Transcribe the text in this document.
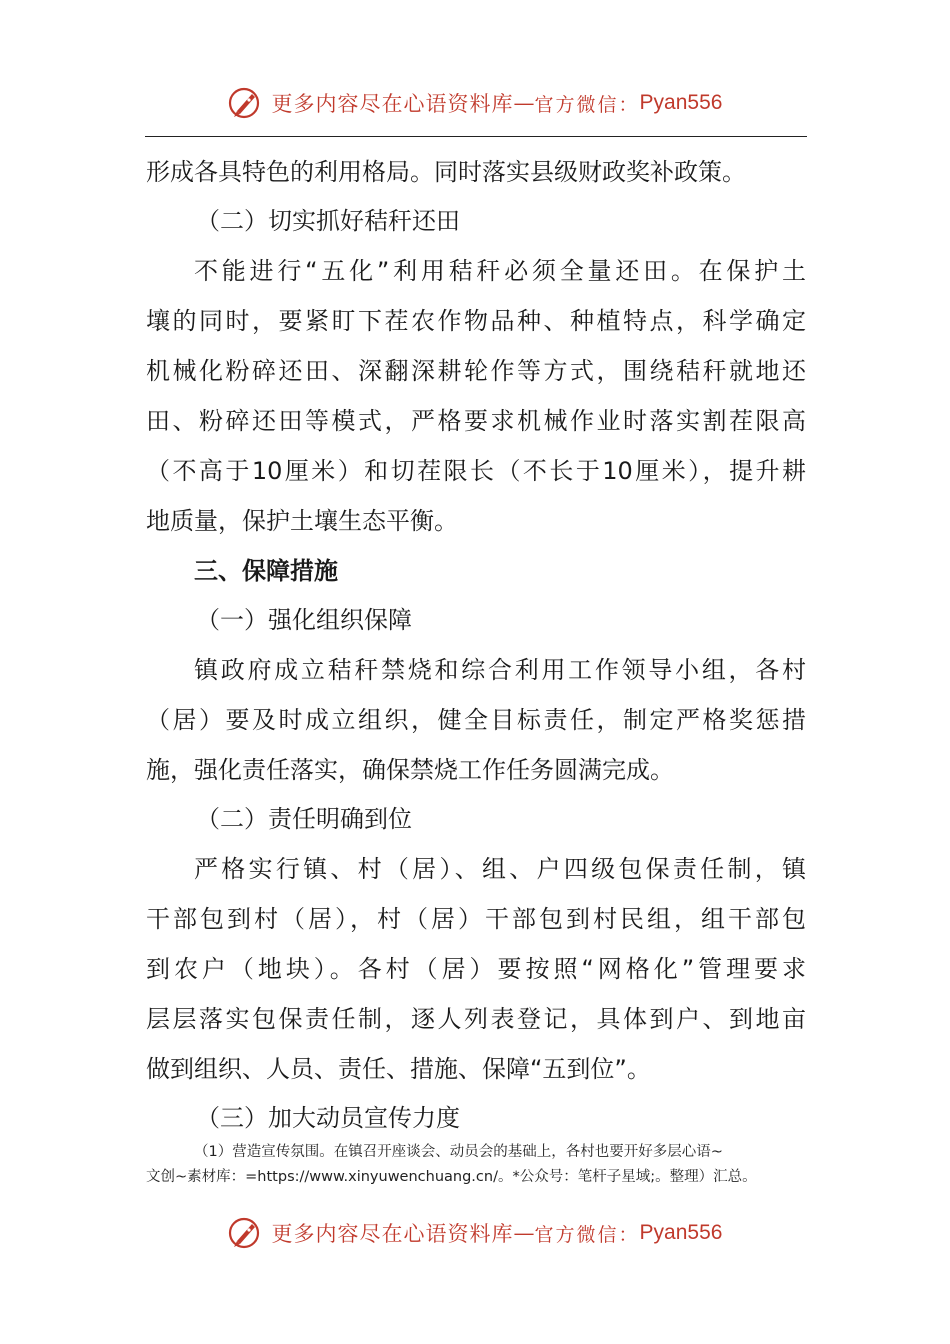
更多内容尽在心语资料库—官方微信：Pyan556
形成各具特色的利用格局。同时落实县级财政奖补政策。
（二）切实抓好秸秆还田
不能进行“五化”利用秸秆必须全量还田。在保护土
壤的同时，要紧盯下茬农作物品种、种植特点，科学确定
机械化粉碎还田、深翻深耕轮作等方式，围绕秸秆就地还
田、粉碎还田等模式，严格要求机械作业时落实割茬限高
（不高于10厘米）和切茬限长（不长于10厘米），提升耕
地质量，保护土壤生态平衡。
三、保障措施
（一）强化组织保障
镇政府成立秸秆禁烧和综合利用工作领导小组，各村
（居）要及时成立组织，健全目标责任，制定严格奖惩措
施，强化责任落实，确保禁烧工作任务圆满完成。
（二）责任明确到位
严格实行镇、村（居）、组、户四级包保责任制，镇
干部包到村（居），村（居）干部包到村民组，组干部包
到农户（地块）。各村（居）要按照“网格化”管理要求
层层落实包保责任制，逐人列表登记，具体到户、到地亩
做到组织、人员、责任、措施、保障“五到位”。
（三）加大动员宣传力度
（1）营造宣传氛围。在镇召开座谈会、动员会的基础上，各村也要开好多层心语~
文创~素材库：=https://www.xinyuwenchuang.cn/。*公众号：笔杆子星域;。整理）汇总。
更多内容尽在心语资料库—官方微信：Pyan556
